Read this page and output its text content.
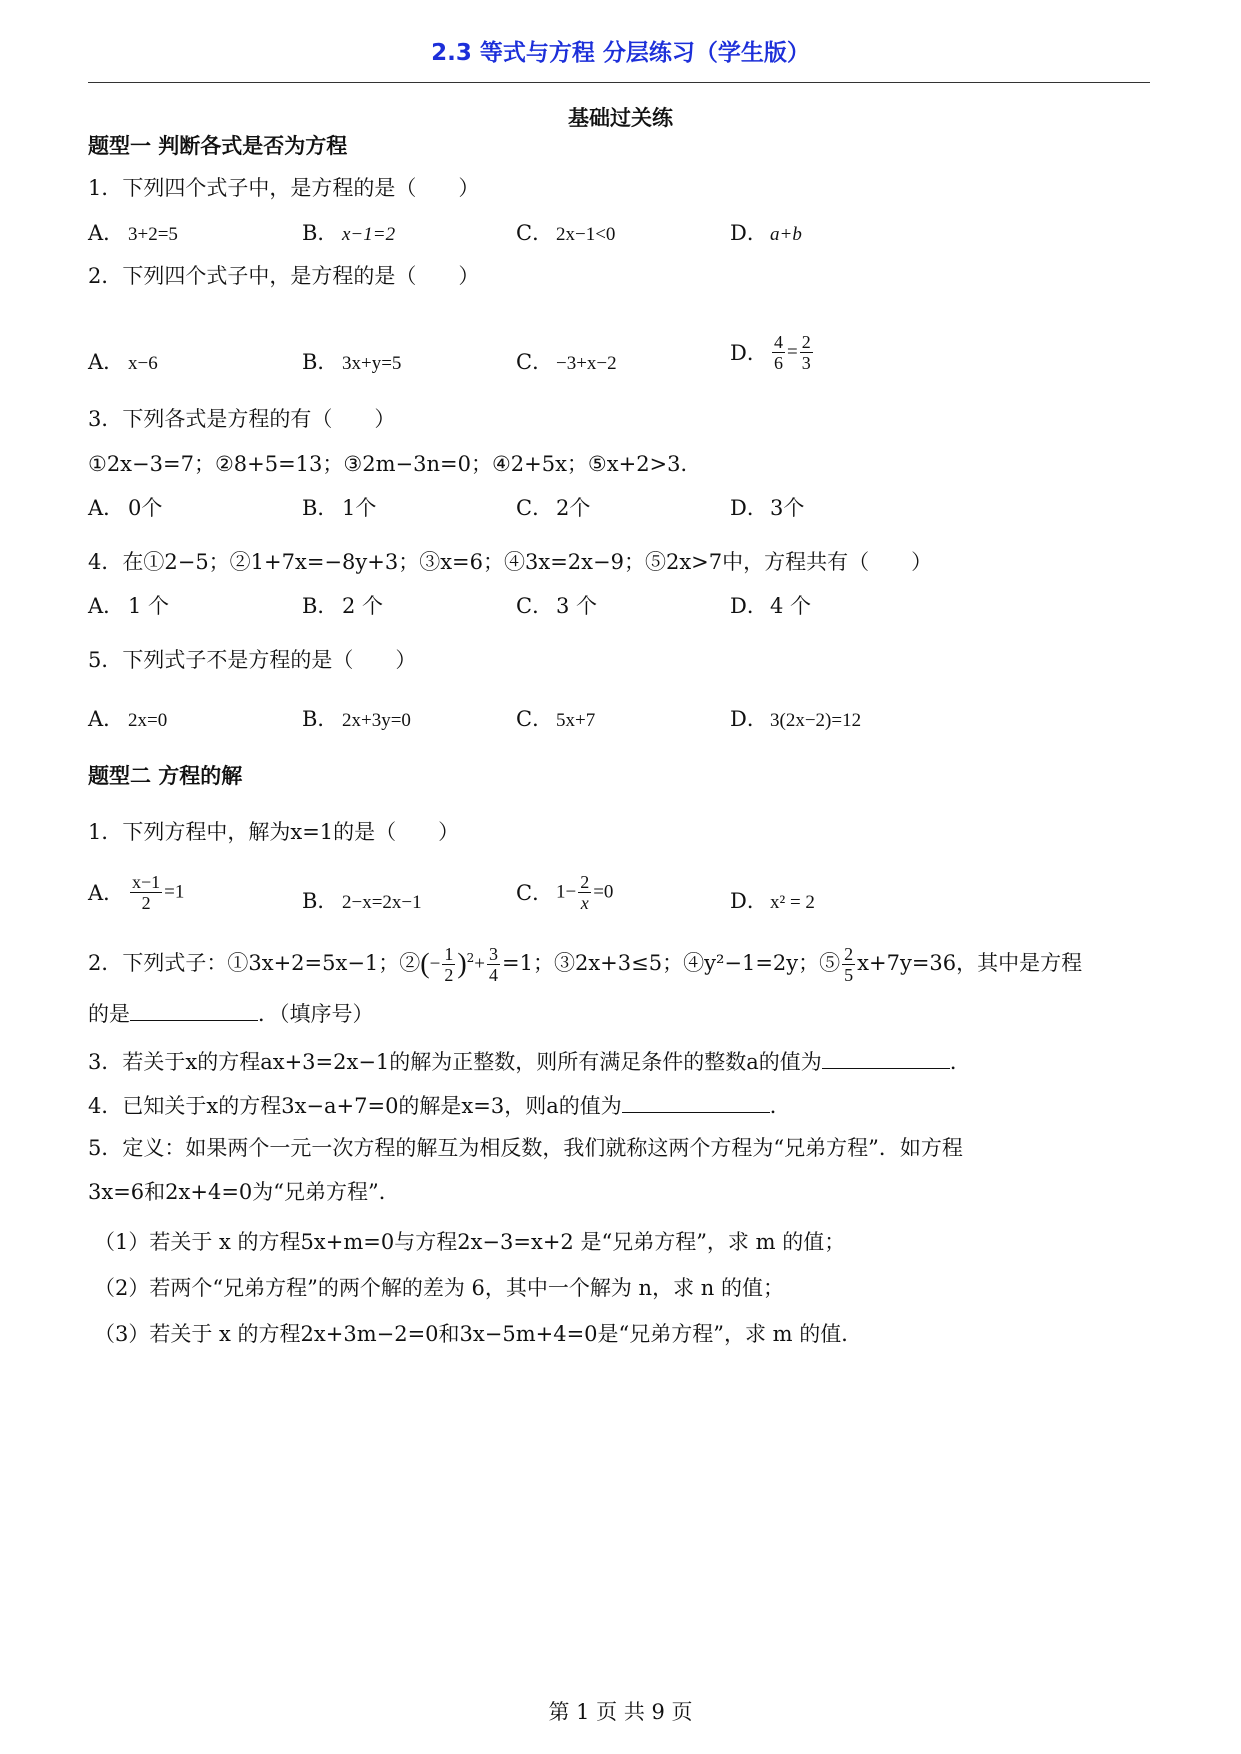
2.3 等式与方程 分层练习（学生版）
基础过关练
题型一 判断各式是否为方程
1．下列四个式子中，是方程的是（　　）
A． 3+2=5	B． x−1=2	C． 2x−1<0	D． a+b
2．下列四个式子中，是方程的是（　　）
A． x−6	B． 3x+y=5	C． −3+x−2	D． $\frac{4}{6} = \frac{2}{3}$
3．下列各式是方程的有（　　）
①2x−3=7；②8+5=13；③2m−3n=0；④2+5x；⑤x+2>3．
A． 0个	B． 1个	C． 2个	D． 3个
4．在①2−5；②1+7x=−8y+3；③x=6；④3x=2x−9；⑤2x>7中，方程共有（　　）
A． 1 个	B． 2 个	C． 3 个	D． 4 个
5．下列式子不是方程的是（　　）
A． 2x=0	B． 2x+3y=0	C． 5x+7	D． 3(2x−2)=12
题型二 方程的解
1．下列方程中，解为x=1的是（　　）
A． $\frac{x-1}{2} =1$	B． 2−x=2x−1	C． $1- \frac{2}{x} =0$	D． x² = 2
2．下列式子：①3x+2=5x−1；②(− $\frac{1}{2} )^2+ \frac{3}{4} =1$；③2x+3≤5；④y²−1=2y；⑤ $\frac{2}{5} x+7y=36$，其中是方程
的是	．（填序号）
3．若关于x的方程ax+3=2x−1的解为正整数，则所有满足条件的整数a的值为	．
4．已知关于x的方程3x−a+7=0的解是x=3，则a的值为	．
5．定义：如果两个一元一次方程的解互为相反数，我们就称这两个方程为“兄弟方程”．如方程
3x=6和2x+4=0为“兄弟方程”．
（1）若关于 x 的方程5x+m=0与方程2x−3=x+2 是“兄弟方程”，求 m 的值；
（2）若两个“兄弟方程”的两个解的差为 6，其中一个解为 n，求 n 的值；
（3）若关于 x 的方程2x+3m−2=0和3x−5m+4=0是“兄弟方程”，求 m 的值．
第 1 页 共 9 页
